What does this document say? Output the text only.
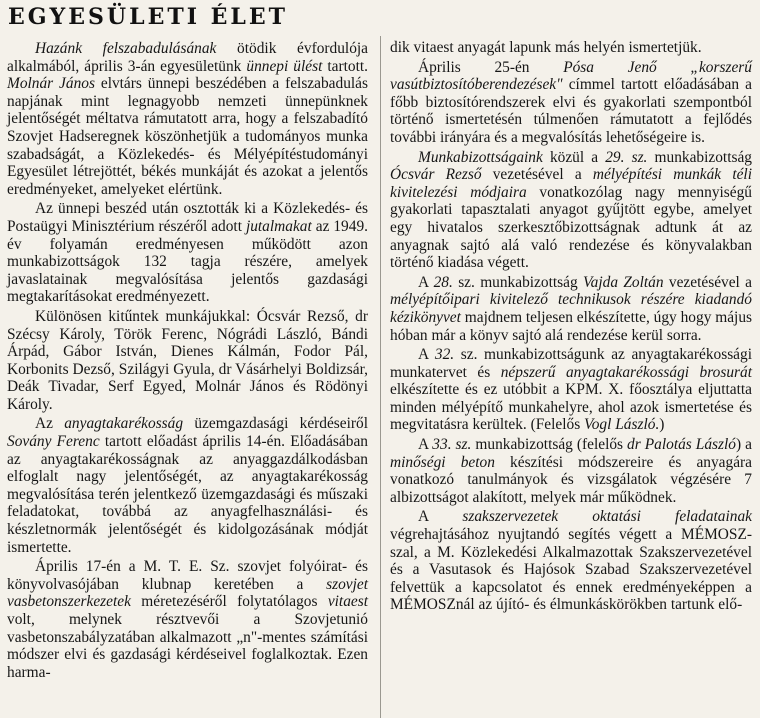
EGYESÜLETI ÉLET

Hazánk felszabadulásának ötödik évfordulója alkalmából, április 3-án egyesületünk ünnepi ülést tartott. Molnár János elvtárs ünnepi beszédében a felszabadulás napjának mint legnagyobb nemzeti ünnepünknek jelentőségét méltatva rámutatott arra, hogy a felszabadító Szovjet Hadseregnek köszönhetjük a tudományos munka szabadságát, a Közlekedés- és Mélyépítéstudományi Egyesület létrejöttét, békés munkáját és azokat a jelentős eredményeket, amelyeket elértünk.

Az ünnepi beszéd után osztották ki a Közlekedés- és Postaügyi Minisztérium részéről adott jutalmakat az 1949. év folyamán eredményesen működött azon munkabizottságok 132 tagja részére, amelyek javaslatainak megvalósítása jelentős gazdasági megtakarításokat eredményezett.

Különösen kitűntek munkájukkal: Ócsvár Rezső, dr Szécsy Károly, Török Ferenc, Nógrádi László, Bándi Árpád, Gábor István, Dienes Kálmán, Fodor Pál, Korbonits Dezső, Szilágyi Gyula, dr Vásárhelyi Boldizsár, Deák Tivadar, Serf Egyed, Molnár János és Rödönyi Károly.

Az anyagtakarékosság üzemgazdasági kérdéseiről Sovány Ferenc tartott előadást április 14-én. Előadásában az anyagtakarékosságnak az anyaggazdálkodásban elfoglalt nagy jelentőségét, az anyagtakarékosság megvalósítása terén jelentkező üzemgazdasági és műszaki feladatokat, továbbá az anyagfelhasználási- és készletnormák jelentőségét és kidolgozásának módját ismertette.

Április 17-én a M. T. E. Sz. szovjet folyóirat- és könyvolvasójában klubnap keretében a szovjet vasbetonszerkezetek méretezéséről folytatólagos vitaest volt, melynek résztvevői a Szovjetunió vasbetonszabályzatában alkalmazott „n"-mentes számítási módszer elvi és gazdasági kérdéseivel foglalkoztak. Ezen harma-

dik vitaest anyagát lapunk más helyén ismertetjük.

Április 25-én Pósa Jenő „korszerű vasútbiztosítóberendezések" címmel tartott előadásában a főbb biztosítórendszerek elvi és gyakorlati szempontból történő ismertetésén túlmenően rámutatott a fejlődés további irányára és a megvalósítás lehetőségeire is.

Munkabizottságaink közül a 29. sz. munkabizottság Ócsvár Rezső vezetésével a mélyépítési munkák téli kivitelezési módjaira vonatkozólag nagy mennyiségű gyakorlati tapasztalati anyagot gyűjtött egybe, amelyet egy hivatalos szerkesztőbizottságnak adtunk át az anyagnak sajtó alá való rendezése és könyvalakban történő kiadása végett.

A 28. sz. munkabizottság Vajda Zoltán vezetésével a mélyépítőipari kivitelező technikusok részére kiadandó kézikönyvet majdnem teljesen elkészítette, úgy hogy május hóban már a könyv sajtó alá rendezése kerül sorra.

A 32. sz. munkabizottságunk az anyagtakarékossági munkatervet és népszerű anyagtakarékossági brosurát elkészítette és ez utóbbit a KPM. X. főosztálya eljuttatta minden mélyépítő munkahelyre, ahol azok ismertetése és megvitatásra kerültek. (Felelős Vogl László.)

A 33. sz. munkabizottság (felelős dr Palotás László) a minőségi beton készítési módszereire és anyagára vonatkozó tanulmányok és vizsgálatok végzésére 7 albizottságot alakított, melyek már működnek.

A szakszervezetek oktatási feladatainak végrehajtásához nyujtandó segítés végett a MÉMOSZ-szal, a M. Közlekedési Alkalmazottak Szakszervezetével és a Vasutasok és Hajósok Szabad Szakszervezetével felvettük a kapcsolatot és ennek eredményeképpen a MÉMOSZnál az újító- és élmunkáskörökben tartunk elő-
